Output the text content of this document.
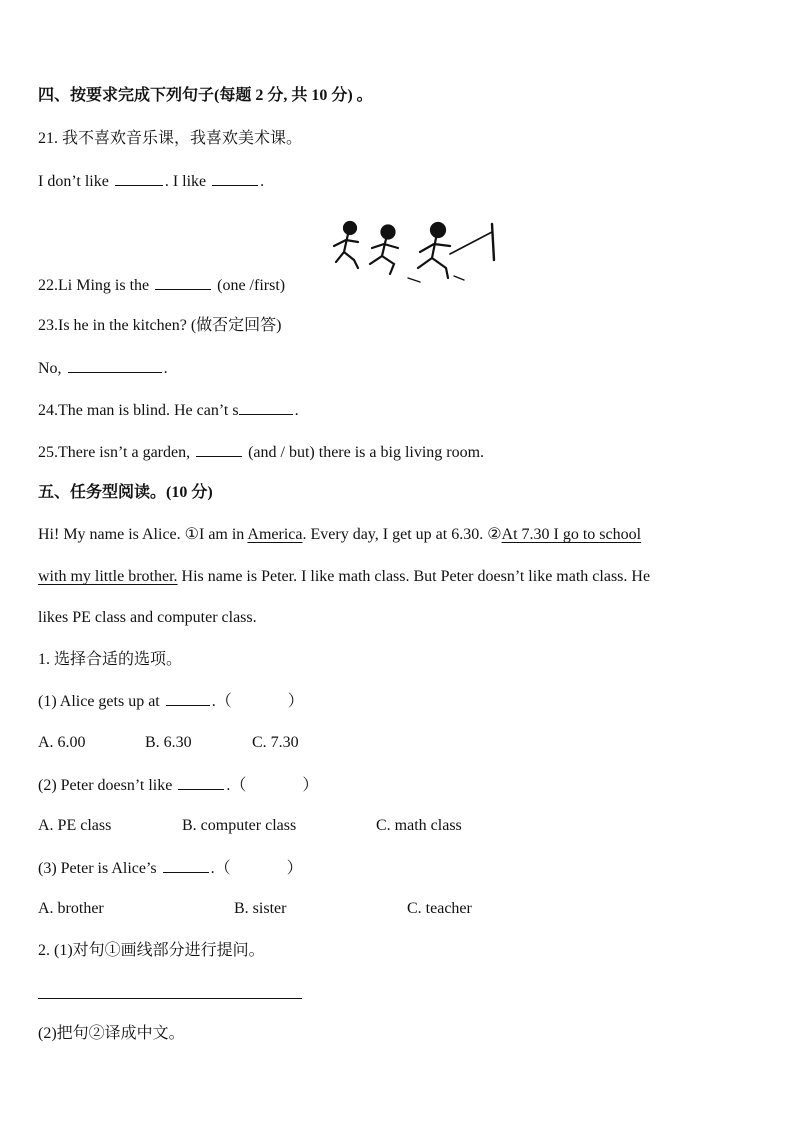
四、按要求完成下列句子(每题 2 分, 共 10 分) 。
21. 我不喜欢音乐课，我喜欢美术课。
I don’t like	. I like	.
22.Li Ming is the	(one /first)
23.Is he in the kitchen? (做否定回答)
No,	.
24.The man is blind. He can’t s	.
25.There isn’t a garden,	(and / but) there is a big living room.
五、任务型阅读。(10 分)
Hi! My name is Alice. ①I am in America. Every day, I get up at 6.30. ②At 7.30 I go to school
with my little brother. His name is Peter. I like math class. But Peter doesn’t like math class. He
likes PE class and computer class.
1. 选择合适的选项。
(1) Alice gets up at	.（	）
A. 6.00	B. 6.30	C. 7.30
(2) Peter doesn’t like	.（	）
A. PE class	B. computer class	C. math class
(3) Peter is Alice’s	.（	）
A. brother	B. sister	C. teacher
2. (1)对句①画线部分进行提问。
(2)把句②译成中文。
